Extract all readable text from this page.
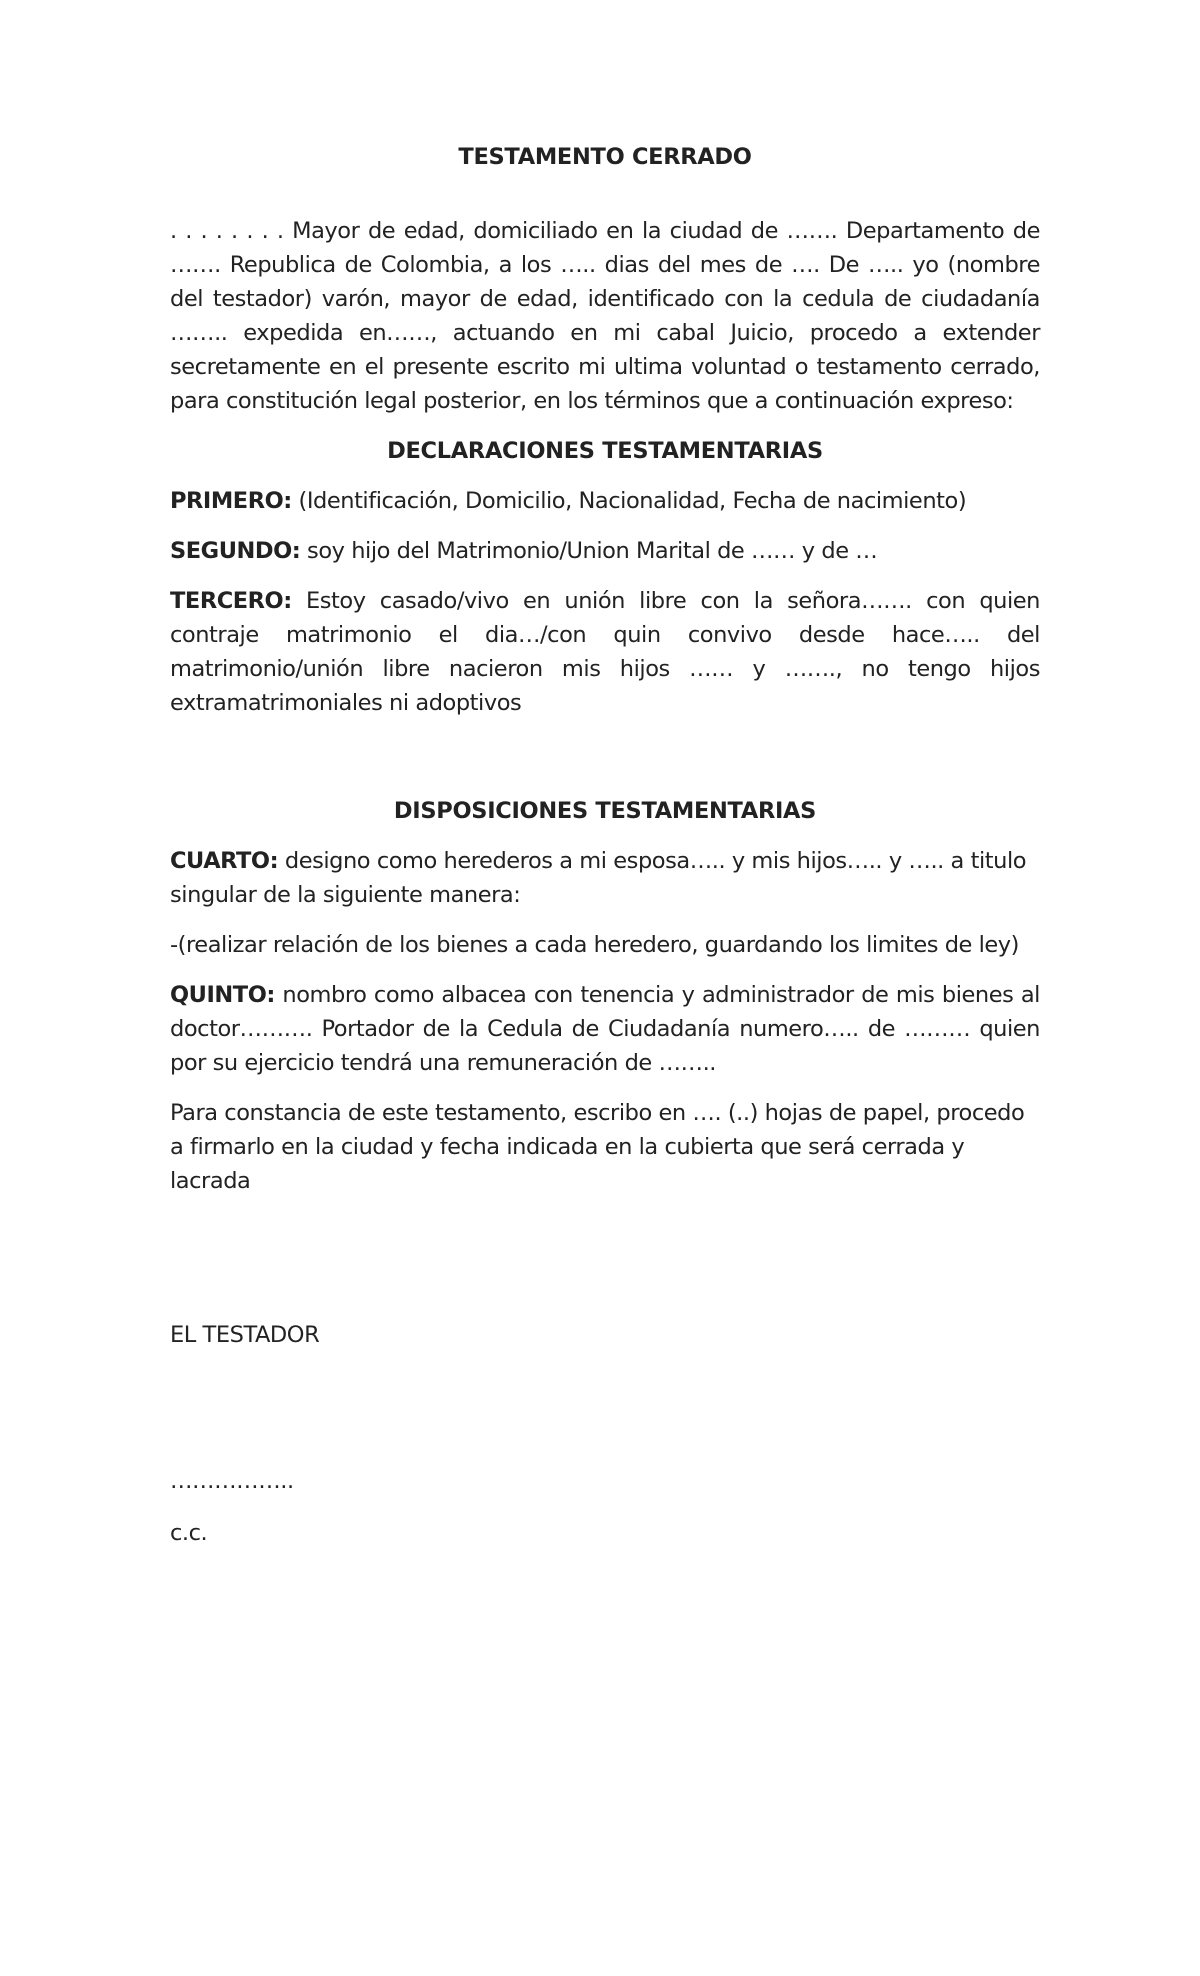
TESTAMENTO CERRADO

. . . . . . . . Mayor de edad, domiciliado en la ciudad de ……. Departamento de ……. Republica de Colombia, a los ….. dias del mes de …. De ….. yo (nombre del testador) varón, mayor de edad, identificado con la cedula de ciudadanía …….. expedida en……, actuando en mi cabal Juicio, procedo a extender secretamente en el presente escrito mi ultima voluntad o testamento cerrado, para constitución legal posterior, en los términos que a continuación expreso:

DECLARACIONES TESTAMENTARIAS

PRIMERO: (Identificación, Domicilio, Nacionalidad, Fecha de nacimiento)

SEGUNDO: soy hijo del Matrimonio/Union Marital de …… y de …

TERCERO: Estoy casado/vivo en unión libre con la señora……. con quien contraje matrimonio el dia…/con quin convivo desde hace….. del matrimonio/unión libre nacieron mis hijos …… y ……., no tengo hijos extramatrimoniales ni adoptivos

DISPOSICIONES TESTAMENTARIAS

CUARTO: designo como herederos a mi esposa….. y mis hijos….. y ….. a titulo singular de la siguiente manera:

-(realizar relación de los bienes a cada heredero, guardando los limites de ley)

QUINTO: nombro como albacea con tenencia y administrador de mis bienes al doctor………. Portador de la Cedula de Ciudadanía numero….. de ……… quien por su ejercicio tendrá una remuneración de ……..

Para constancia de este testamento, escribo en …. (..) hojas de papel, procedo a firmarlo en la ciudad y fecha indicada en la cubierta que será cerrada y lacrada

EL TESTADOR
……………..
c.c.
